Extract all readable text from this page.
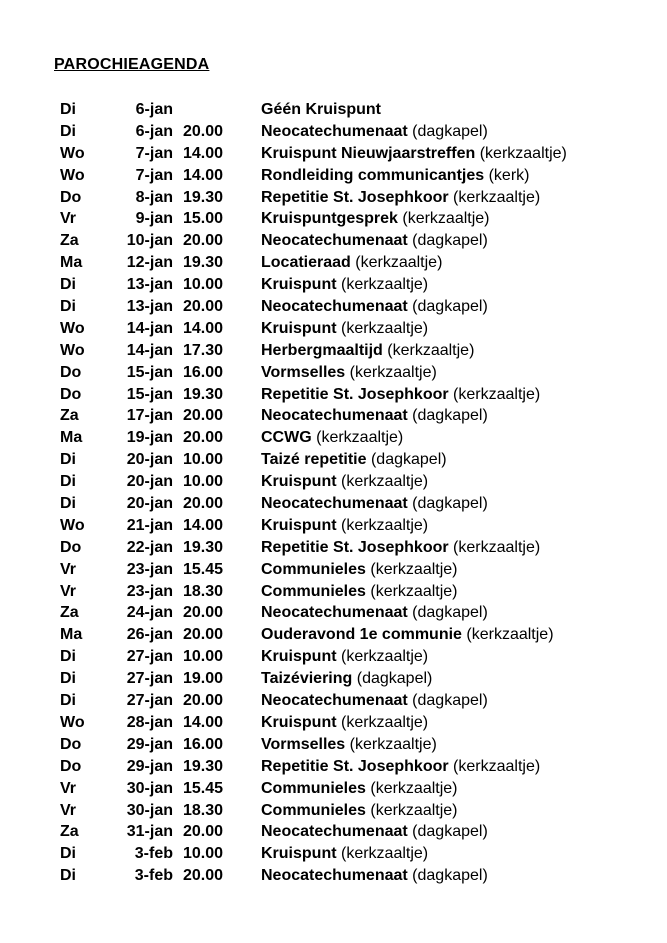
PAROCHIEAGENDA
Di	6-jan	Géén Kruispunt
Di	6-jan 20.00 Neocatechumenaat (dagkapel)
Wo	7-jan 14.00 Kruispunt Nieuwjaarstreffen (kerkzaaltje)
Wo	7-jan 14.00 Rondleiding communicantjes (kerk)
Do	8-jan 19.30 Repetitie St. Josephkoor (kerkzaaltje)
Vr	9-jan 15.00 Kruispuntgesprek (kerkzaaltje)
Za	10-jan 20.00 Neocatechumenaat (dagkapel)
Ma	12-jan 19.30 Locatieraad (kerkzaaltje)
Di	13-jan 10.00 Kruispunt (kerkzaaltje)
Di	13-jan 20.00 Neocatechumenaat (dagkapel)
Wo	14-jan 14.00 Kruispunt (kerkzaaltje)
Wo	14-jan 17.30 Herbergmaaltijd (kerkzaaltje)
Do	15-jan 16.00 Vormselles (kerkzaaltje)
Do	15-jan 19.30 Repetitie St. Josephkoor (kerkzaaltje)
Za	17-jan 20.00 Neocatechumenaat (dagkapel)
Ma	19-jan 20.00 CCWG (kerkzaaltje)
Di	20-jan 10.00 Taizé repetitie (dagkapel)
Di	20-jan 10.00 Kruispunt (kerkzaaltje)
Di	20-jan 20.00 Neocatechumenaat (dagkapel)
Wo	21-jan 14.00 Kruispunt (kerkzaaltje)
Do	22-jan 19.30 Repetitie St. Josephkoor (kerkzaaltje)
Vr	23-jan 15.45 Communieles (kerkzaaltje)
Vr	23-jan 18.30 Communieles (kerkzaaltje)
Za	24-jan 20.00 Neocatechumenaat (dagkapel)
Ma	26-jan 20.00 Ouderavond 1e communie (kerkzaaltje)
Di	27-jan 10.00 Kruispunt (kerkzaaltje)
Di	27-jan 19.00 Taizéviering (dagkapel)
Di	27-jan 20.00 Neocatechumenaat (dagkapel)
Wo	28-jan 14.00 Kruispunt (kerkzaaltje)
Do	29-jan 16.00 Vormselles (kerkzaaltje)
Do	29-jan 19.30 Repetitie St. Josephkoor (kerkzaaltje)
Vr	30-jan 15.45 Communieles (kerkzaaltje)
Vr	30-jan 18.30 Communieles (kerkzaaltje)
Za	31-jan 20.00 Neocatechumenaat (dagkapel)
Di	3-feb 10.00 Kruispunt (kerkzaaltje)
Di	3-feb 20.00 Neocatechumenaat (dagkapel)
